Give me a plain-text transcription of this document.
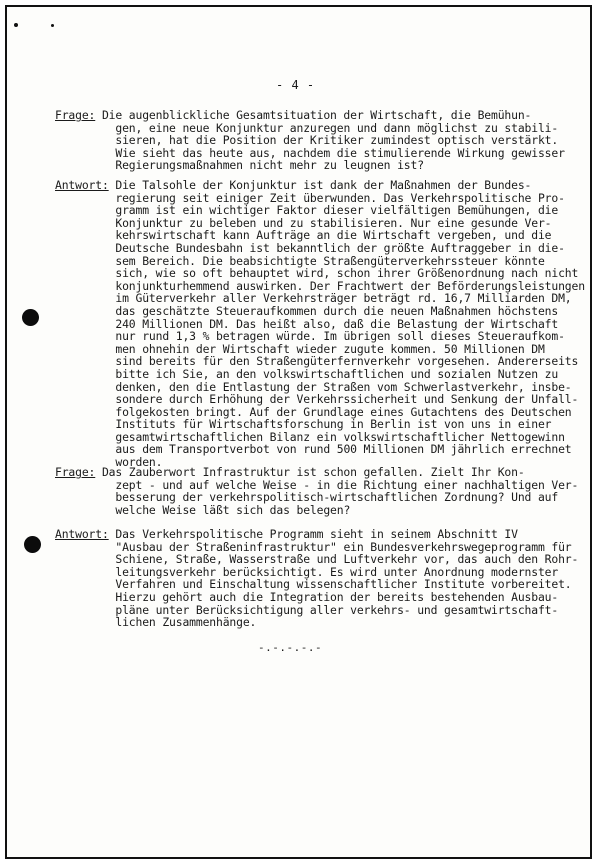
- 4 -
Frage: Die augenblickliche Gesamtsituation der Wirtschaft, die Bemühun-
gen, eine neue Konjunktur anzuregen und dann möglichst zu stabili-
sieren, hat die Position der Kritiker zumindest optisch verstärkt.
Wie sieht das heute aus, nachdem die stimulierende Wirkung gewisser
Regierungsmaßnahmen nicht mehr zu leugnen ist?
Antwort: Die Talsohle der Konjunktur ist dank der Maßnahmen der Bundes-
regierung seit einiger Zeit überwunden. Das Verkehrspolitische Pro-
gramm ist ein wichtiger Faktor dieser vielfältigen Bemühungen, die
Konjunktur zu beleben und zu stabilisieren. Nur eine gesunde Ver-
kehrswirtschaft kann Aufträge an die Wirtschaft vergeben, und die
Deutsche Bundesbahn ist bekanntlich der größte Auftraggeber in die-
sem Bereich. Die beabsichtigte Straßengüterverkehrssteuer könnte
sich, wie so oft behauptet wird, schon ihrer Größenordnung nach nicht
konjunkturhemmend auswirken. Der Frachtwert der Beförderungsleistungen
im Güterverkehr aller Verkehrsträger beträgt rd. 16,7 Milliarden DM,
das geschätzte Steueraufkommen durch die neuen Maßnahmen höchstens
240 Millionen DM. Das heißt also, daß die Belastung der Wirtschaft
nur rund 1,3 % betragen würde. Im übrigen soll dieses Steueraufkom-
men ohnehin der Wirtschaft wieder zugute kommen. 50 Millionen DM
sind bereits für den Straßengüterfernverkehr vorgesehen. Andererseits
bitte ich Sie, an den volkswirtschaftlichen und sozialen Nutzen zu
denken, den die Entlastung der Straßen vom Schwerlastverkehr, insbe-
sondere durch Erhöhung der Verkehrssicherheit und Senkung der Unfall-
folgekosten bringt. Auf der Grundlage eines Gutachtens des Deutschen
Instituts für Wirtschaftsforschung in Berlin ist von uns in einer
gesamtwirtschaftlichen Bilanz ein volkswirtschaftlicher Nettogewinn
aus dem Transportverbot von rund 500 Millionen DM jährlich errechnet
worden.
Frage: Das Zauberwort Infrastruktur ist schon gefallen. Zielt Ihr Kon-
zept - und auf welche Weise - in die Richtung einer nachhaltigen Ver-
besserung der verkehrspolitisch-wirtschaftlichen Zordnung? Und auf
welche Weise läßt sich das belegen?
Antwort: Das Verkehrspolitische Programm sieht in seinem Abschnitt IV
"Ausbau der Straßeninfrastruktur" ein Bundesverkehrswegeprogramm für
Schiene, Straße, Wasserstraße und Luftverkehr vor, das auch den Rohr-
leitungsverkehr berücksichtigt. Es wird unter Anordnung modernster
Verfahren und Einschaltung wissenschaftlicher Institute vorbereitet.
Hierzu gehört auch die Integration der bereits bestehenden Ausbau-
pläne unter Berücksichtigung aller verkehrs- und gesamtwirtschaft-
lichen Zusammenhänge.
-.-.-.-.-
